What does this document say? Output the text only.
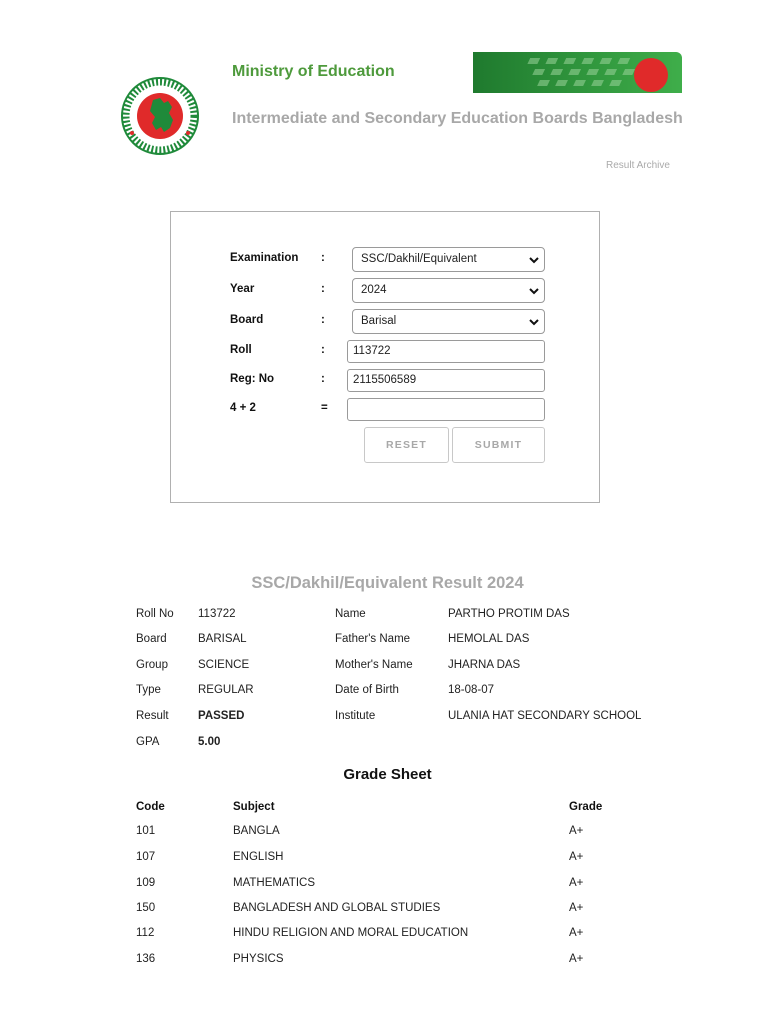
Ministry of Education
Intermediate and Secondary Education Boards Bangladesh
Result Archive
Examination :	SSC/Dakhil/Equivalent
Year	:	2024
Board	:	Barisal
Roll	:	113722
Reg: No	:	2115506589
4 + 2	=
RESET	SUBMIT
SSC/Dakhil/Equivalent Result 2024
Roll No 113722	Name	PARTHO PROTIM DAS
Board	BARISAL	Father's Name	HEMOLAL DAS
Group	SCIENCE	Mother's Name	JHARNA DAS
Type	REGULAR	Date of Birth	18-08-07
Result	PASSED	Institute	ULANIA HAT SECONDARY SCHOOL
GPA	5.00
Grade Sheet
Code	Subject	Grade
101	BANGLA	A+
107	ENGLISH	A+
109	MATHEMATICS	A+
150	BANGLADESH AND GLOBAL STUDIES	A+
112	HINDU RELIGION AND MORAL EDUCATION	A+
136	PHYSICS	A+
